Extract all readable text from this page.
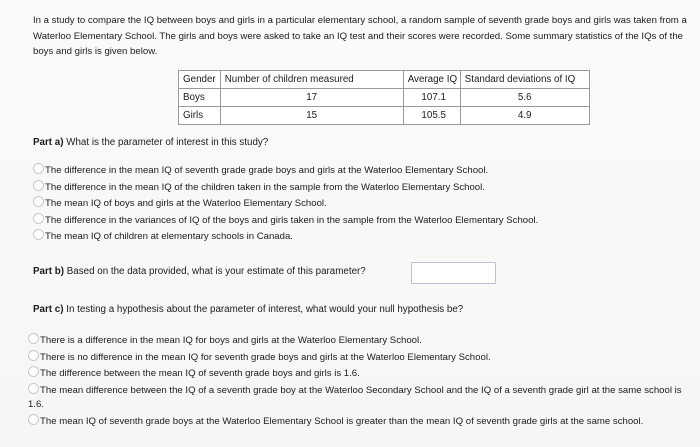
In a study to compare the IQ between boys and girls in a particular elementary school, a random sample of seventh grade boys and girls was taken from a Waterloo Elementary School. The girls and boys were asked to take an IQ test and their scores were recorded. Some summary statistics of the IQs of the boys and girls is given below.
Gender	Number of children measured	Average IQ	Standard deviations of IQ
Boys	17	107.1	5.6
Girls	15	105.5	4.9
Part a) What is the parameter of interest in this study?
The difference in the mean IQ of seventh grade grade boys and girls at the Waterloo Elementary School.
The difference in the mean IQ of the children taken in the sample from the Waterloo Elementary School.
The mean IQ of boys and girls at the Waterloo Elementary School.
The difference in the variances of IQ of the boys and girls taken in the sample from the Waterloo Elementary School.
The mean IQ of children at elementary schools in Canada.
Part b) Based on the data provided, what is your estimate of this parameter?
Part c) In testing a hypothesis about the parameter of interest, what would your null hypothesis be?
There is a difference in the mean IQ for boys and girls at the Waterloo Elementary School.
There is no difference in the mean IQ for seventh grade boys and girls at the Waterloo Elementary School.
The difference between the mean IQ of seventh grade boys and girls is 1.6.
The mean difference between the IQ of a seventh grade boy at the Waterloo Secondary School and the IQ of a seventh grade girl at the same school is 1.6.
The mean IQ of seventh grade boys at the Waterloo Elementary School is greater than the mean IQ of seventh grade girls at the same school.
